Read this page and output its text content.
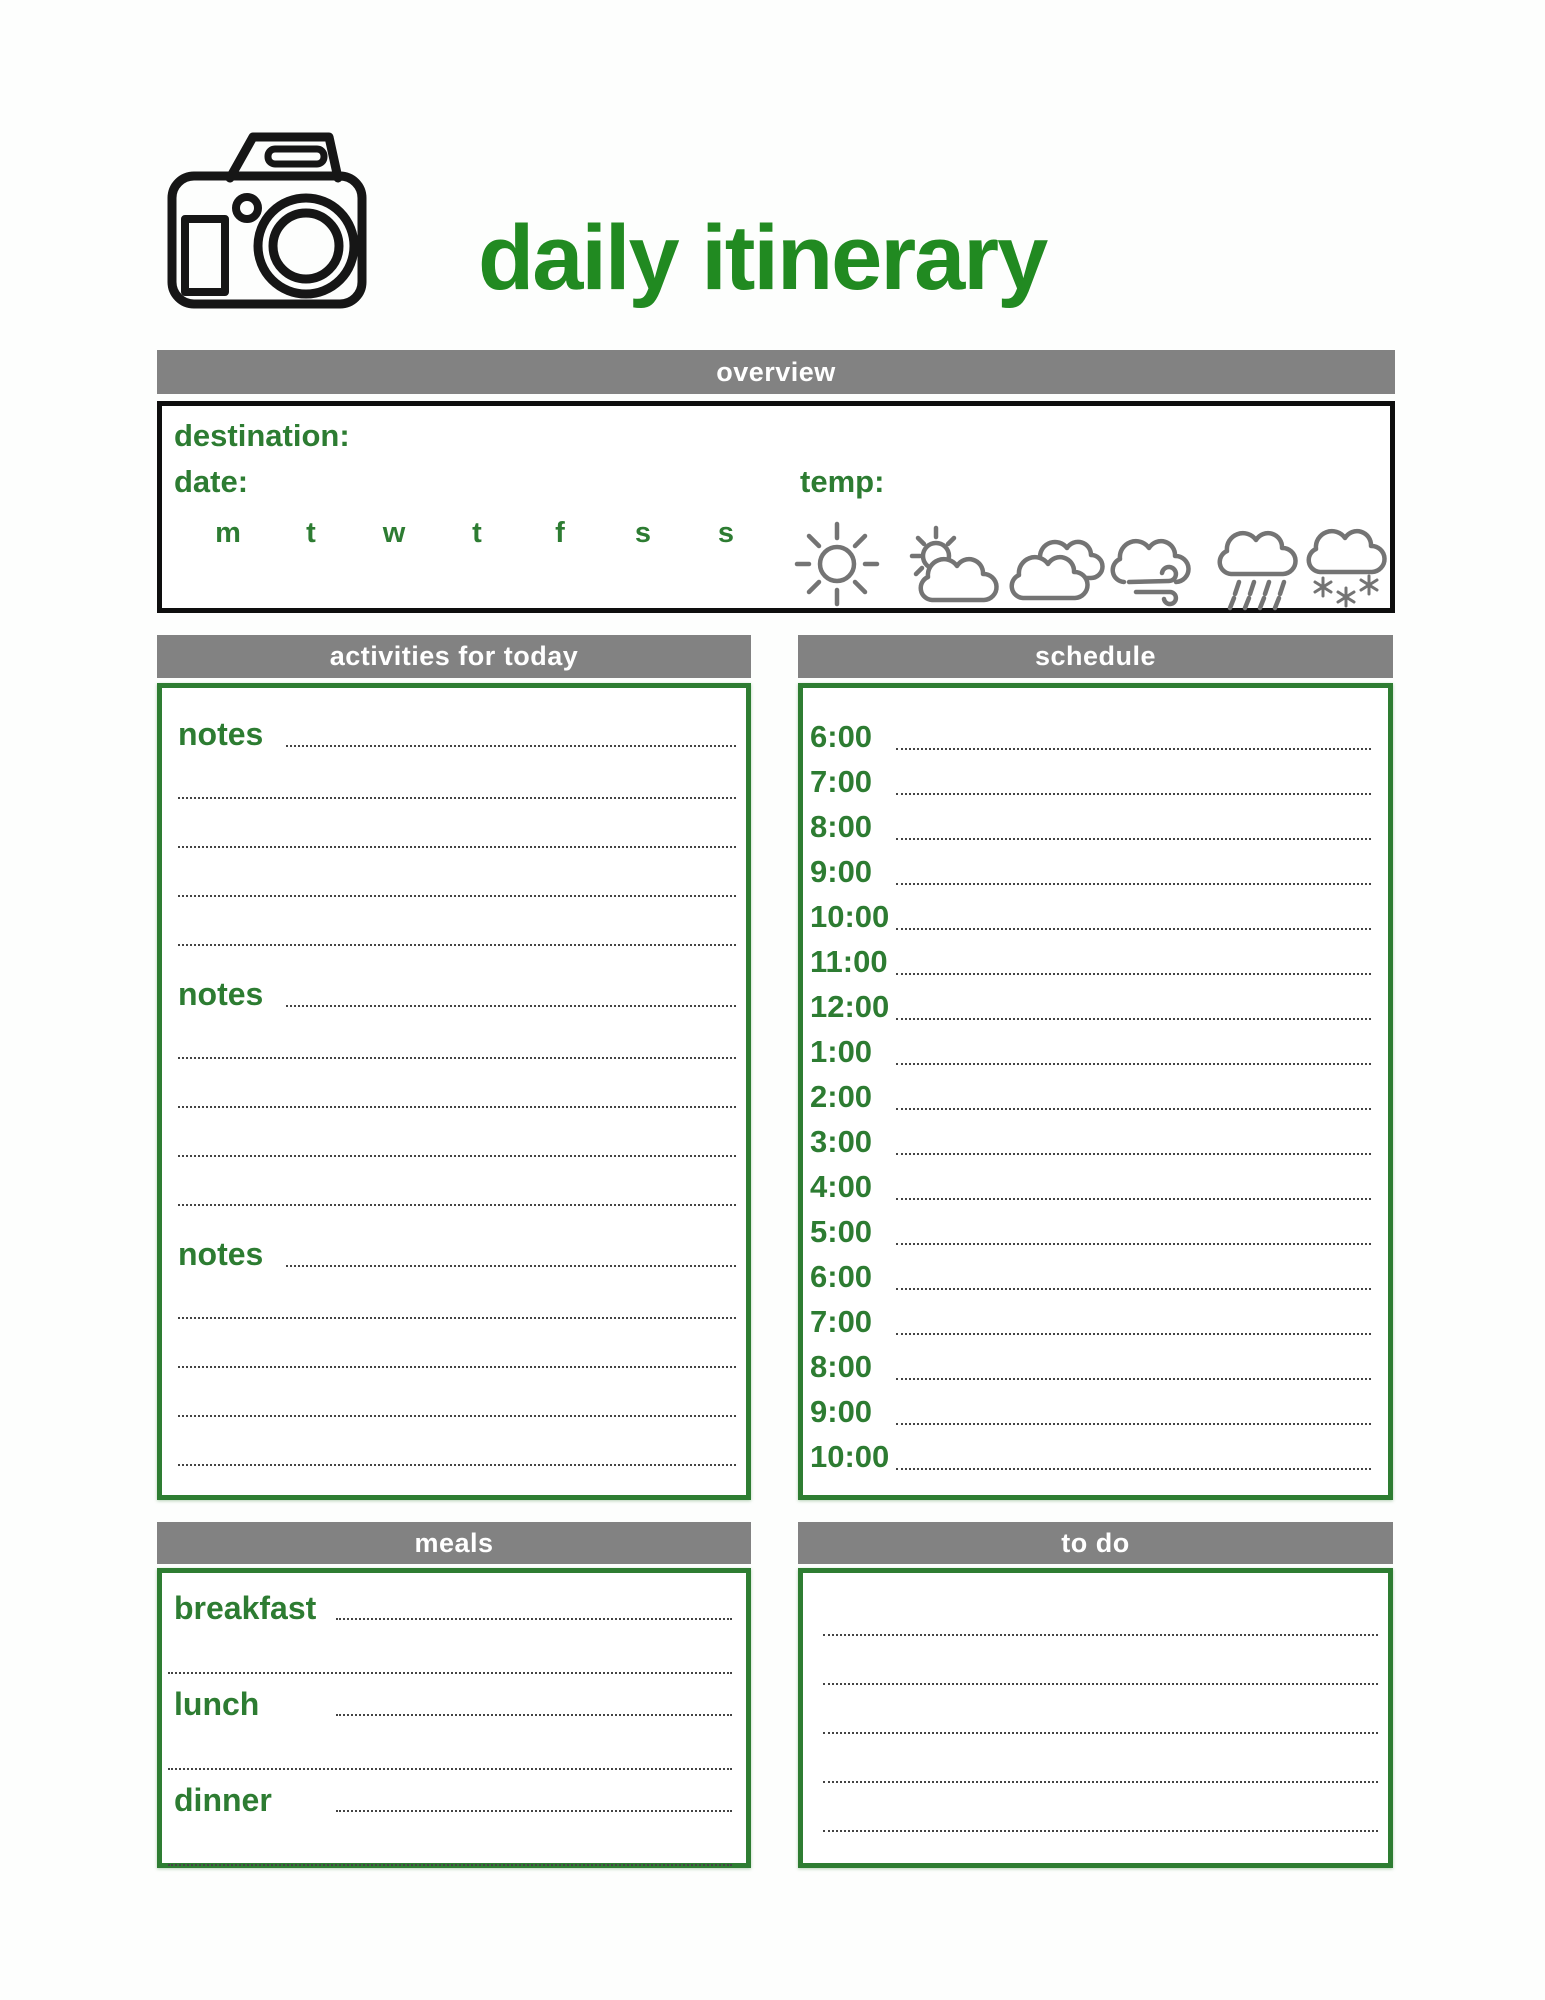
daily itinerary
overview
destination:
date:	temp:
m	t	w	t	f	s	s
activities for today
notes
notes
notes
schedule
6:00
7:00
8:00
9:00
10:00
11:00
12:00
1:00
2:00
3:00
4:00
5:00
6:00
7:00
8:00
9:00
10:00
meals
breakfast
lunch
dinner
to do
